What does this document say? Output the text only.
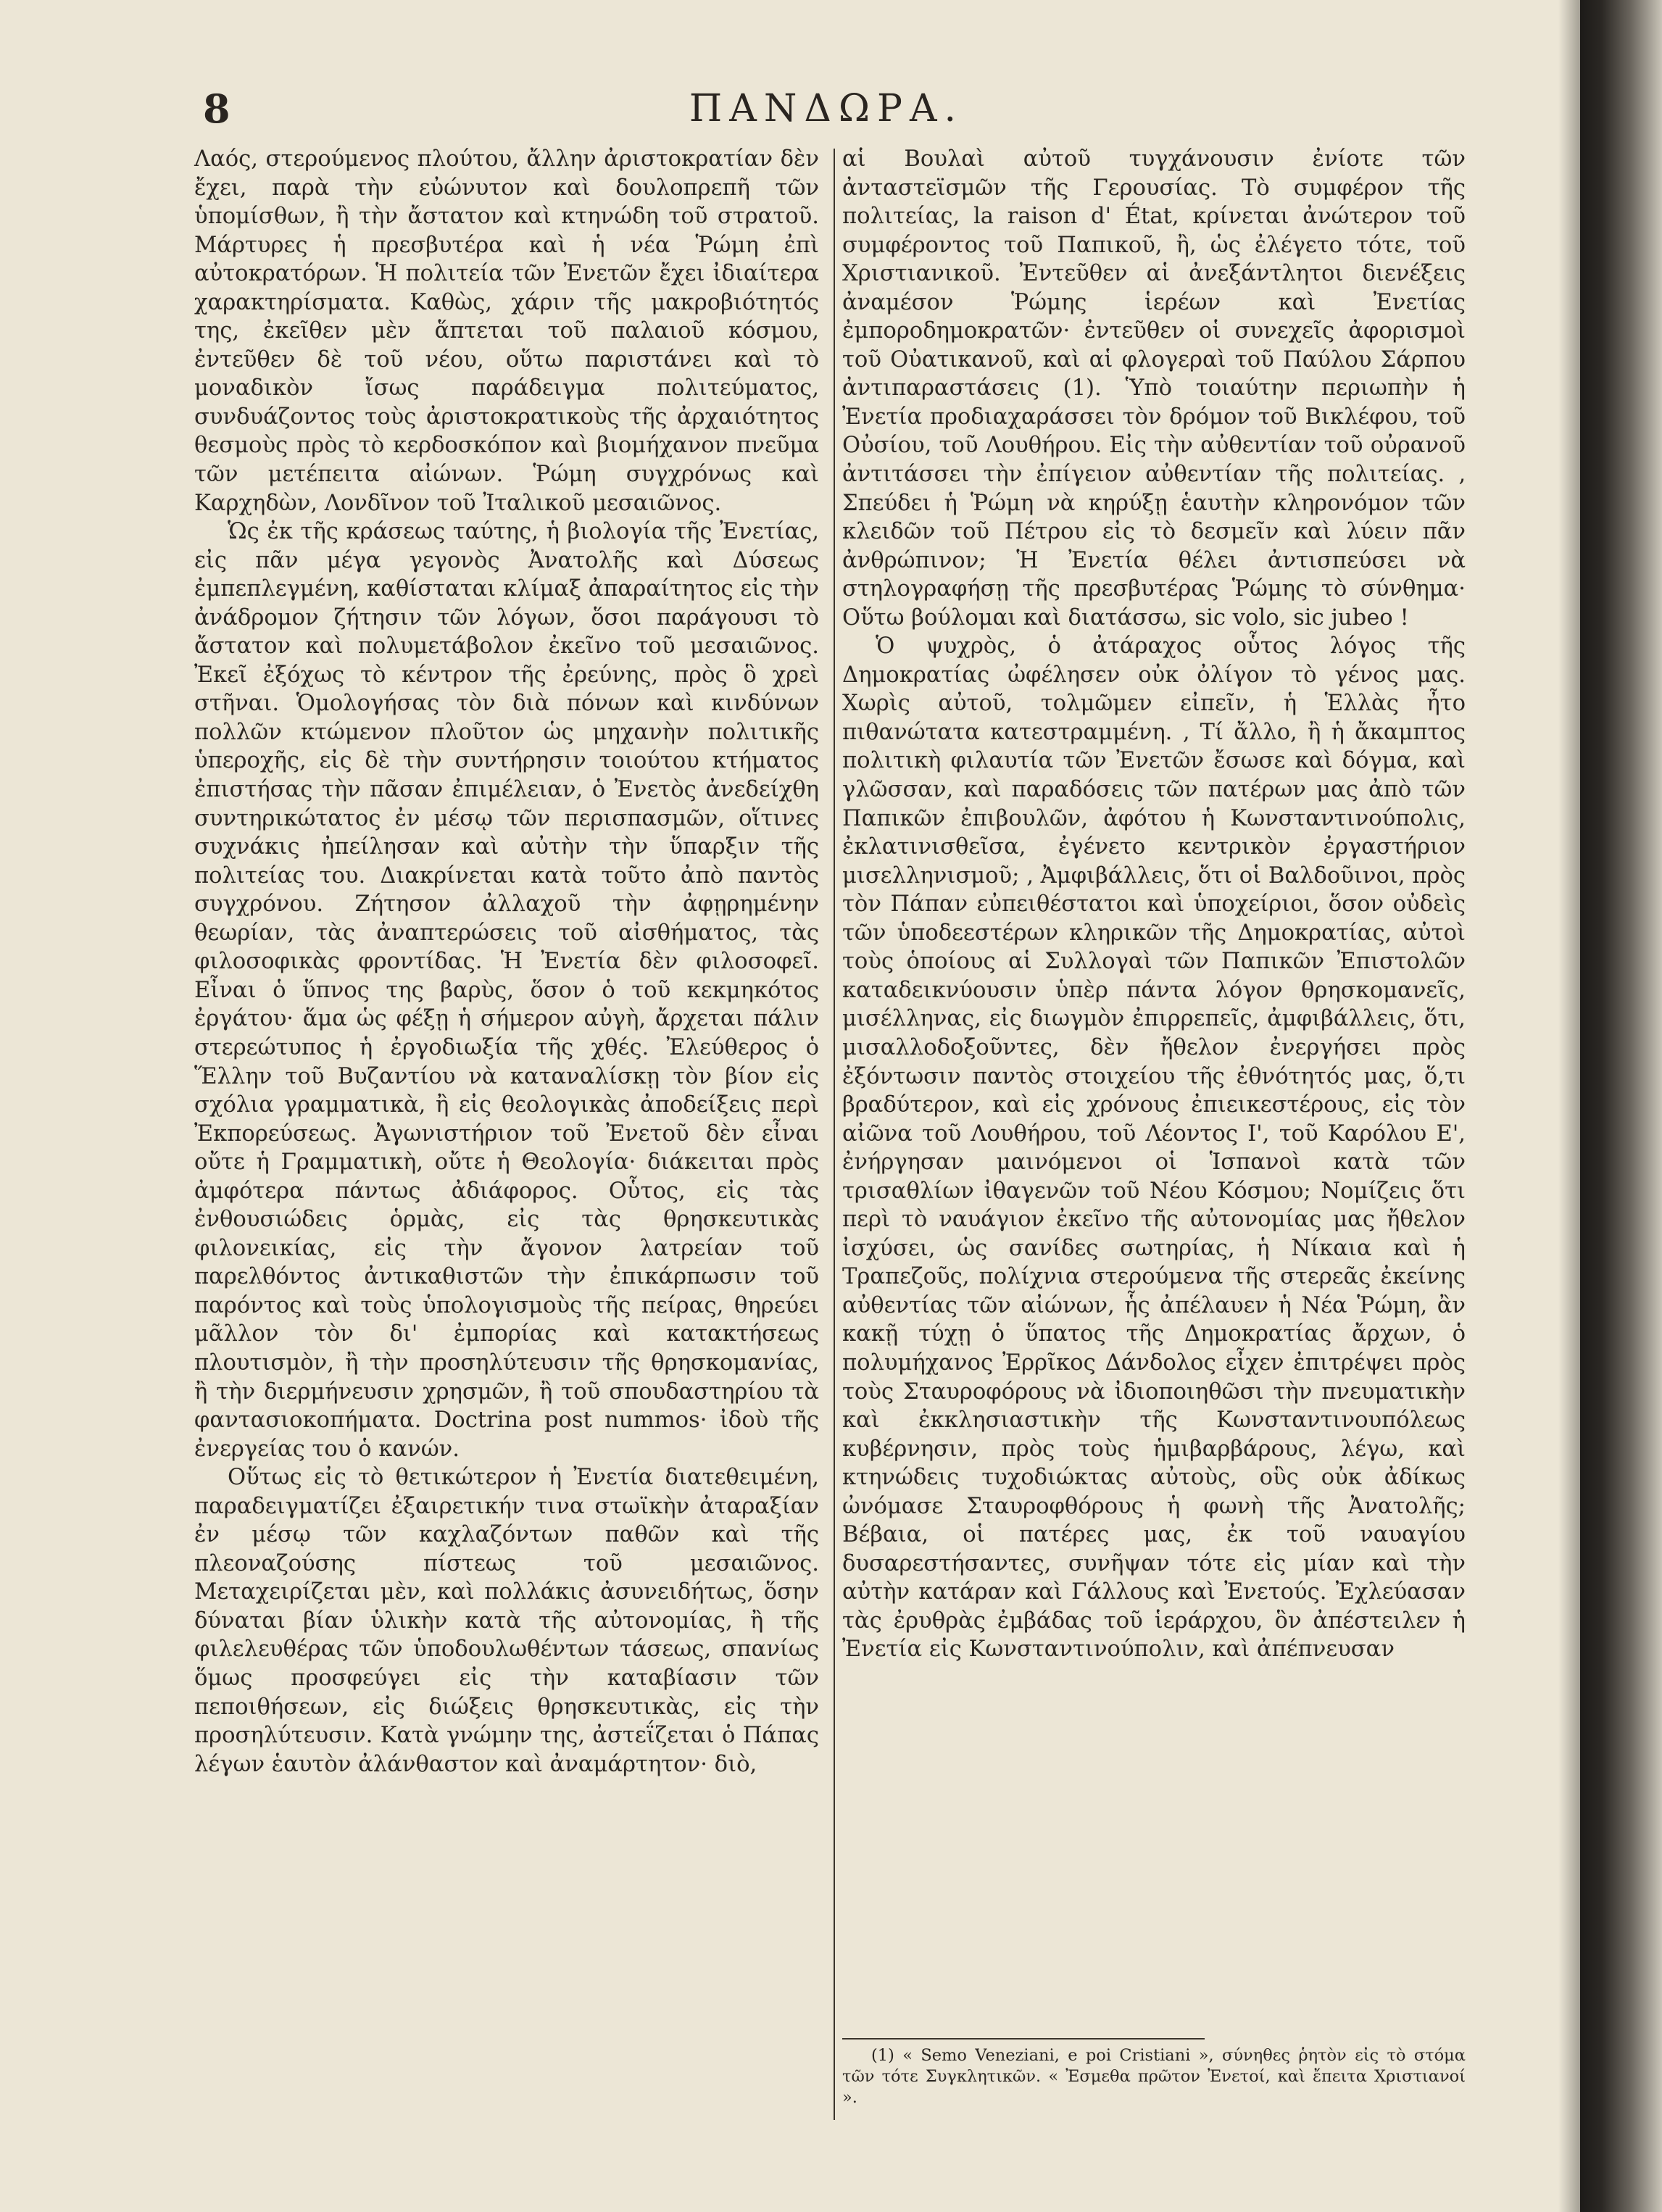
8	ΠΑΝΔΩΡΑ.

Λαός, στερούμενος πλούτου, ἄλλην ἀριστοκρατίαν δὲν ἔχει, παρὰ τὴν εὐώνυτον καὶ δουλοπρεπῆ τῶν ὑπομίσθων, ἢ τὴν ἄστατον καὶ κτηνώδη τοῦ στρατοῦ. Μάρτυρες ἡ πρεσβυτέρα καὶ ἡ νέα Ῥώμη ἐπὶ αὐτοκρατόρων. Ἡ πολιτεία τῶν Ἐνετῶν ἔχει ἰδιαίτερα χαρακτηρίσματα. Καθὼς, χάριν τῆς μακροβιότητός της, ἐκεῖθεν μὲν ἅπτεται τοῦ παλαιοῦ κόσμου, ἐντεῦθεν δὲ τοῦ νέου, οὕτω παριστάνει καὶ τὸ μοναδικὸν ἴσως παράδειγμα πολιτεύματος, συνδυάζοντος τοὺς ἀριστοκρατικοὺς τῆς ἀρχαιότητος θεσμοὺς πρὸς τὸ κερδοσκόπον καὶ βιομήχανον πνεῦμα τῶν μετέπειτα αἰώνων. Ῥώμη συγχρόνως καὶ Καρχηδὼν, Λονδῖνον τοῦ Ἰταλικοῦ μεσαιῶνος.

Ὡς ἐκ τῆς κράσεως ταύτης, ἡ βιολογία τῆς Ἐνετίας, εἰς πᾶν μέγα γεγονὸς Ἀνατολῆς καὶ Δύσεως ἐμπεπλεγμένη, καθίσταται κλίμαξ ἀπαραίτητος εἰς τὴν ἀνάδρομον ζήτησιν τῶν λόγων, ὅσοι παράγουσι τὸ ἄστατον καὶ πολυμετάβολον ἐκεῖνο τοῦ μεσαιῶνος. Ἐκεῖ ἐξόχως τὸ κέντρον τῆς ἐρεύνης, πρὸς ὃ χρεὶ στῆναι. Ὁμολογήσας τὸν διὰ πόνων καὶ κινδύνων πολλῶν κτώμενον πλοῦτον ὡς μηχανὴν πολιτικῆς ὑπεροχῆς, εἰς δὲ τὴν συντήρησιν τοιούτου κτήματος ἐπιστήσας τὴν πᾶσαν ἐπιμέλειαν, ὁ Ἐνετὸς ἀνεδείχθη συντηρικώτατος ἐν μέσῳ τῶν περισπασμῶν, οἵτινες συχνάκις ἠπείλησαν καὶ αὐτὴν τὴν ὕπαρξιν τῆς πολιτείας του. Διακρίνεται κατὰ τοῦτο ἀπὸ παντὸς συγχρόνου. Ζήτησον ἀλλαχοῦ τὴν ἀφῃρημένην θεωρίαν, τὰς ἀναπτερώσεις τοῦ αἰσθήματος, τὰς φιλοσοφικὰς φροντίδας. Ἡ Ἐνετία δὲν φιλοσοφεῖ. Εἶναι ὁ ὕπνος της βαρὺς, ὅσον ὁ τοῦ κεκμηκότος ἐργάτου· ἅμα ὡς φέξῃ ἡ σήμερον αὐγὴ, ἄρχεται πάλιν στερεώτυπος ἡ ἐργοδιωξία τῆς χθές. Ἐλεύθερος ὁ Ἕλλην τοῦ Βυζαντίου νὰ καταναλίσκῃ τὸν βίον εἰς σχόλια γραμματικὰ, ἢ εἰς θεολογικὰς ἀποδείξεις περὶ Ἐκπορεύσεως. Ἀγωνιστήριον τοῦ Ἐνετοῦ δὲν εἶναι οὔτε ἡ Γραμματικὴ, οὔτε ἡ Θεολογία· διάκειται πρὸς ἀμφότερα πάντως ἀδιάφορος. Οὗτος, εἰς τὰς ἐνθουσιώδεις ὁρμὰς, εἰς τὰς θρησκευτικὰς φιλονεικίας, εἰς τὴν ἄγονον λατρείαν τοῦ παρελθόντος ἀντικαθιστῶν τὴν ἐπικάρπωσιν τοῦ παρόντος καὶ τοὺς ὑπολογισμοὺς τῆς πείρας, θηρεύει μᾶλλον τὸν δι' ἐμπορίας καὶ κατακτήσεως πλουτισμὸν, ἢ τὴν προσηλύτευσιν τῆς θρησκομανίας, ἢ τὴν διερμήνευσιν χρησμῶν, ἢ τοῦ σπουδαστηρίου τὰ φαντασιοκοπήματα. Doctrina post nummos· ἰδοὺ τῆς ἐνεργείας του ὁ κανών.

Οὕτως εἰς τὸ θετικώτερον ἡ Ἐνετία διατεθειμένη, παραδειγματίζει ἐξαιρετικήν τινα στωϊκὴν ἀταραξίαν ἐν μέσῳ τῶν καχλαζόντων παθῶν καὶ τῆς πλεοναζούσης πίστεως τοῦ μεσαιῶνος. Μεταχειρίζεται μὲν, καὶ πολλάκις ἀσυνειδήτως, ὅσην δύναται βίαν ὑλικὴν κατὰ τῆς αὐτονομίας, ἢ τῆς φιλελευθέρας τῶν ὑποδουλωθέντων τάσεως, σπανίως ὅμως προσφεύγει εἰς τὴν καταβίασιν τῶν πεποιθήσεων, εἰς διώξεις θρησκευτικὰς, εἰς τὴν προσηλύτευσιν. Κατὰ γνώμην της, ἀστεΐζεται ὁ Πάπας λέγων ἑαυτὸν ἀλάνθαστον καὶ ἀναμάρτητον· διὸ,

αἱ Βουλαὶ αὐτοῦ τυγχάνουσιν ἐνίοτε τῶν ἀνταστεϊσμῶν τῆς Γερουσίας. Τὸ συμφέρον τῆς πολιτείας, la raison d' État, κρίνεται ἀνώτερον τοῦ συμφέροντος τοῦ Παπικοῦ, ἢ, ὡς ἐλέγετο τότε, τοῦ Χριστιανικοῦ. Ἐντεῦθεν αἱ ἀνεξάντλητοι διενέξεις ἀναμέσον Ῥώμης ἱερέων καὶ Ἐνετίας ἐμποροδημοκρατῶν· ἐντεῦθεν οἱ συνεχεῖς ἀφορισμοὶ τοῦ Οὐατικανοῦ, καὶ αἱ φλογεραὶ τοῦ Παύλου Σάρπου ἀντιπαραστάσεις (1). Ὑπὸ τοιαύτην περιωπὴν ἡ Ἐνετία προδιαχαράσσει τὸν δρόμον τοῦ Βικλέφου, τοῦ Οὐσίου, τοῦ Λουθήρου. Εἰς τὴν αὐθεντίαν τοῦ οὐρανοῦ ἀντιτάσσει τὴν ἐπίγειον αὐθεντίαν τῆς πολιτείας. ‚ Σπεύδει ἡ Ῥώμη νὰ κηρύξῃ ἑαυτὴν κληρονόμον τῶν κλειδῶν τοῦ Πέτρου εἰς τὸ δεσμεῖν καὶ λύειν πᾶν ἀνθρώπινον; Ἡ Ἐνετία θέλει ἀντισπεύσει νὰ στηλογραφήσῃ τῆς πρεσβυτέρας Ῥώμης τὸ σύνθημα· Οὕτω βούλομαι καὶ διατάσσω, sic volo, sic jubeo !

Ὁ ψυχρὸς, ὁ ἀτάραχος οὗτος λόγος τῆς Δημοκρατίας ὠφέλησεν οὐκ ὀλίγον τὸ γένος μας. Χωρὶς αὐτοῦ, τολμῶμεν εἰπεῖν, ἡ Ἑλλὰς ἦτο πιθανώτατα κατεστραμμένη. ‚ Τί ἄλλο, ἢ ἡ ἄκαμπτος πολιτικὴ φιλαυτία τῶν Ἐνετῶν ἔσωσε καὶ δόγμα, καὶ γλῶσσαν, καὶ παραδόσεις τῶν πατέρων μας ἀπὸ τῶν Παπικῶν ἐπιβουλῶν, ἀφότου ἡ Κωνσταντινούπολις, ἐκλατινισθεῖσα, ἐγένετο κεντρικὸν ἐργαστήριον μισελληνισμοῦ; ‚ Ἀμφιβάλλεις, ὅτι οἱ Βαλδοῦινοι, πρὸς τὸν Πάπαν εὐπειθέστατοι καὶ ὑποχείριοι, ὅσον οὐδεὶς τῶν ὑποδεεστέρων κληρικῶν τῆς Δημοκρατίας, αὐτοὶ τοὺς ὁποίους αἱ Συλλογαὶ τῶν Παπικῶν Ἐπιστολῶν καταδεικνύουσιν ὑπὲρ πάντα λόγον θρησκομανεῖς, μισέλληνας, εἰς διωγμὸν ἐπιρρεπεῖς, ἀμφιβάλλεις, ὅτι, μισαλλοδοξοῦντες, δὲν ἤθελον ἐνεργήσει πρὸς ἐξόντωσιν παντὸς στοιχείου τῆς ἐθνότητός μας, ὅ,τι βραδύτερον, καὶ εἰς χρόνους ἐπιεικεστέρους, εἰς τὸν αἰῶνα τοῦ Λουθήρου, τοῦ Λέοντος Ι', τοῦ Καρόλου Ε', ἐνήργησαν μαινόμενοι οἱ Ἱσπανοὶ κατὰ τῶν τρισαθλίων ἰθαγενῶν τοῦ Νέου Κόσμου; Νομίζεις ὅτι περὶ τὸ ναυάγιον ἐκεῖνο τῆς αὐτονομίας μας ἤθελον ἰσχύσει, ὡς σανίδες σωτηρίας, ἡ Νίκαια καὶ ἡ Τραπεζοῦς, πολίχνια στερούμενα τῆς στερεᾶς ἐκείνης αὐθεντίας τῶν αἰώνων, ἧς ἀπέλαυεν ἡ Νέα Ῥώμη, ἂν κακῇ τύχῃ ὁ ὕπατος τῆς Δημοκρατίας ἄρχων, ὁ πολυμήχανος Ἐρρῖκος Δάνδολος εἶχεν ἐπιτρέψει πρὸς τοὺς Σταυροφόρους νὰ ἰδιοποιηθῶσι τὴν πνευματικὴν καὶ ἐκκλησιαστικὴν τῆς Κωνσταντινουπόλεως κυβέρνησιν, πρὸς τοὺς ἡμιβαρβάρους, λέγω, καὶ κτηνώδεις τυχοδιώκτας αὐτοὺς, οὓς οὐκ ἀδίκως ὠνόμασε Σταυροφθόρους ἡ φωνὴ τῆς Ἀνατολῆς; Βέβαια, οἱ πατέρες μας, ἐκ τοῦ ναυαγίου δυσαρεστήσαντες, συνῆψαν τότε εἰς μίαν καὶ τὴν αὐτὴν κατάραν καὶ Γάλλους καὶ Ἐνετούς. Ἐχλεύασαν τὰς ἐρυθρὰς ἐμβάδας τοῦ ἱεράρχου, ὃν ἀπέστειλεν ἡ Ἐνετία εἰς Κωνσταντινούπολιν, καὶ ἀπέπνευσαν

(1) « Semo Veneziani, e poi Cristiani », σύνηθες ῥητὸν εἰς τὸ στόμα τῶν τότε Συγκλητικῶν. « Ἐσμεθα πρῶτον Ἐνετοί, καὶ ἔπειτα Χριστιανοί ».
